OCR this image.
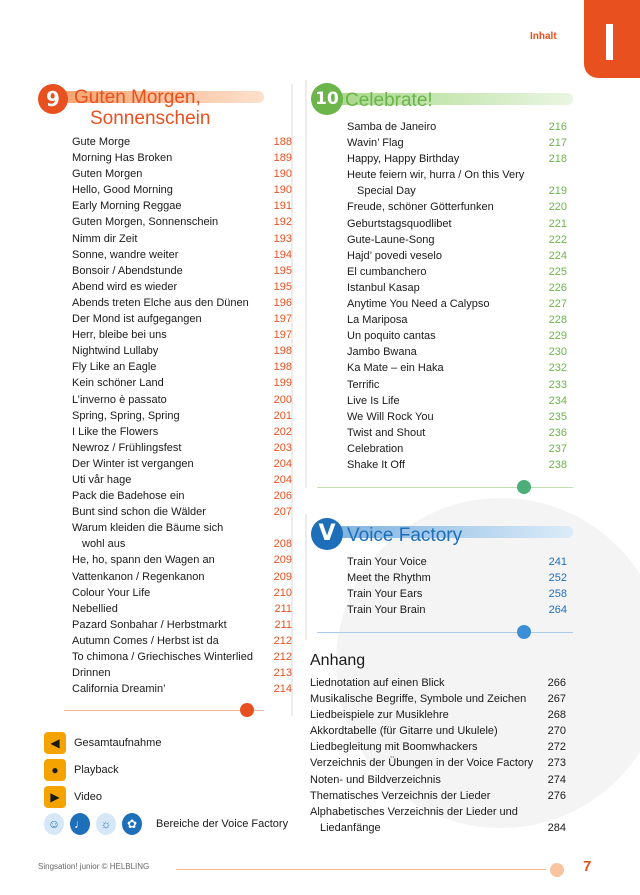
Inhalt
9 Guten Morgen,
Sonnenschein
Gute Morge	188
Morning Has Broken	189
Guten Morgen	190
Hello, Good Morning	190
Early Morning Reggae	191
Guten Morgen, Sonnenschein	192
Nimm dir Zeit	193
Sonne, wandre weiter	194
Bonsoir / Abendstunde	195
Abend wird es wieder	195
Abends treten Elche aus den Dünen 196
Der Mond ist aufgegangen	197
Herr, bleibe bei uns	197
Nightwind Lullaby	198
Fly Like an Eagle	198
Kein schöner Land	199
L’inverno è passato	200
Spring, Spring, Spring	201
I Like the Flowers	202
Newroz / Frühlingsfest	203
Der Winter ist vergangen	204
Uti vår hage	204
Pack die Badehose ein	206
Bunt sind schon die Wälder	207
Warum kleiden die Bäume sich
wohl aus	208
He, ho, spann den Wagen an	209
Vattenkanon / Regenkanon	209
Colour Your Life	210
Nebellied	211
Pazard Sonbahar / Herbstmarkt	211
Autumn Comes / Herbst ist da	212
To chimona / Griechisches Winterlied 212
Drinnen	213
California Dreamin’	214
10 Celebrate!
Samba de Janeiro	216
Wavin’ Flag	217
Happy, Happy Birthday	218
Heute feiern wir, hurra / On this Very
Special Day	219
Freude, schöner Götterfunken	220
Geburtstagsquodlibet	221
Gute-Laune-Song	222
Hajd’ povedi veselo	224
El cumbanchero	225
Istanbul Kasap	226
Anytime You Need a Calypso	227
La Mariposa	228
Un poquito cantas	229
Jambo Bwana	230
Ka Mate – ein Haka	232
Terrific	233
Live Is Life	234
We Will Rock You	235
Twist and Shout	236
Celebration	237
Shake It Off	238
V Voice Factory
Train Your Voice	241
Meet the Rhythm	252
Train Your Ears	258
Train Your Brain	264
Anhang
Liednotation auf einen Blick	266
Musikalische Begriffe, Symbole und Zeichen 267
Liedbeispiele zur Musiklehre	268
Akkordtabelle (für Gitarre und Ukulele)	270
Liedbegleitung mit Boomwhackers	272
Verzeichnis der Übungen in der Voice Factory 273
Noten- und Bildverzeichnis	274
Thematisches Verzeichnis der Lieder	276
Alphabetisches Verzeichnis der Lieder und
Liedanfänge	284
◀	Gesamtaufnahme
●	Playback
▶	Video
☺	♩	☼	✿	Bereiche der Voice Factory
Singsation! junior © HELBLING	7
